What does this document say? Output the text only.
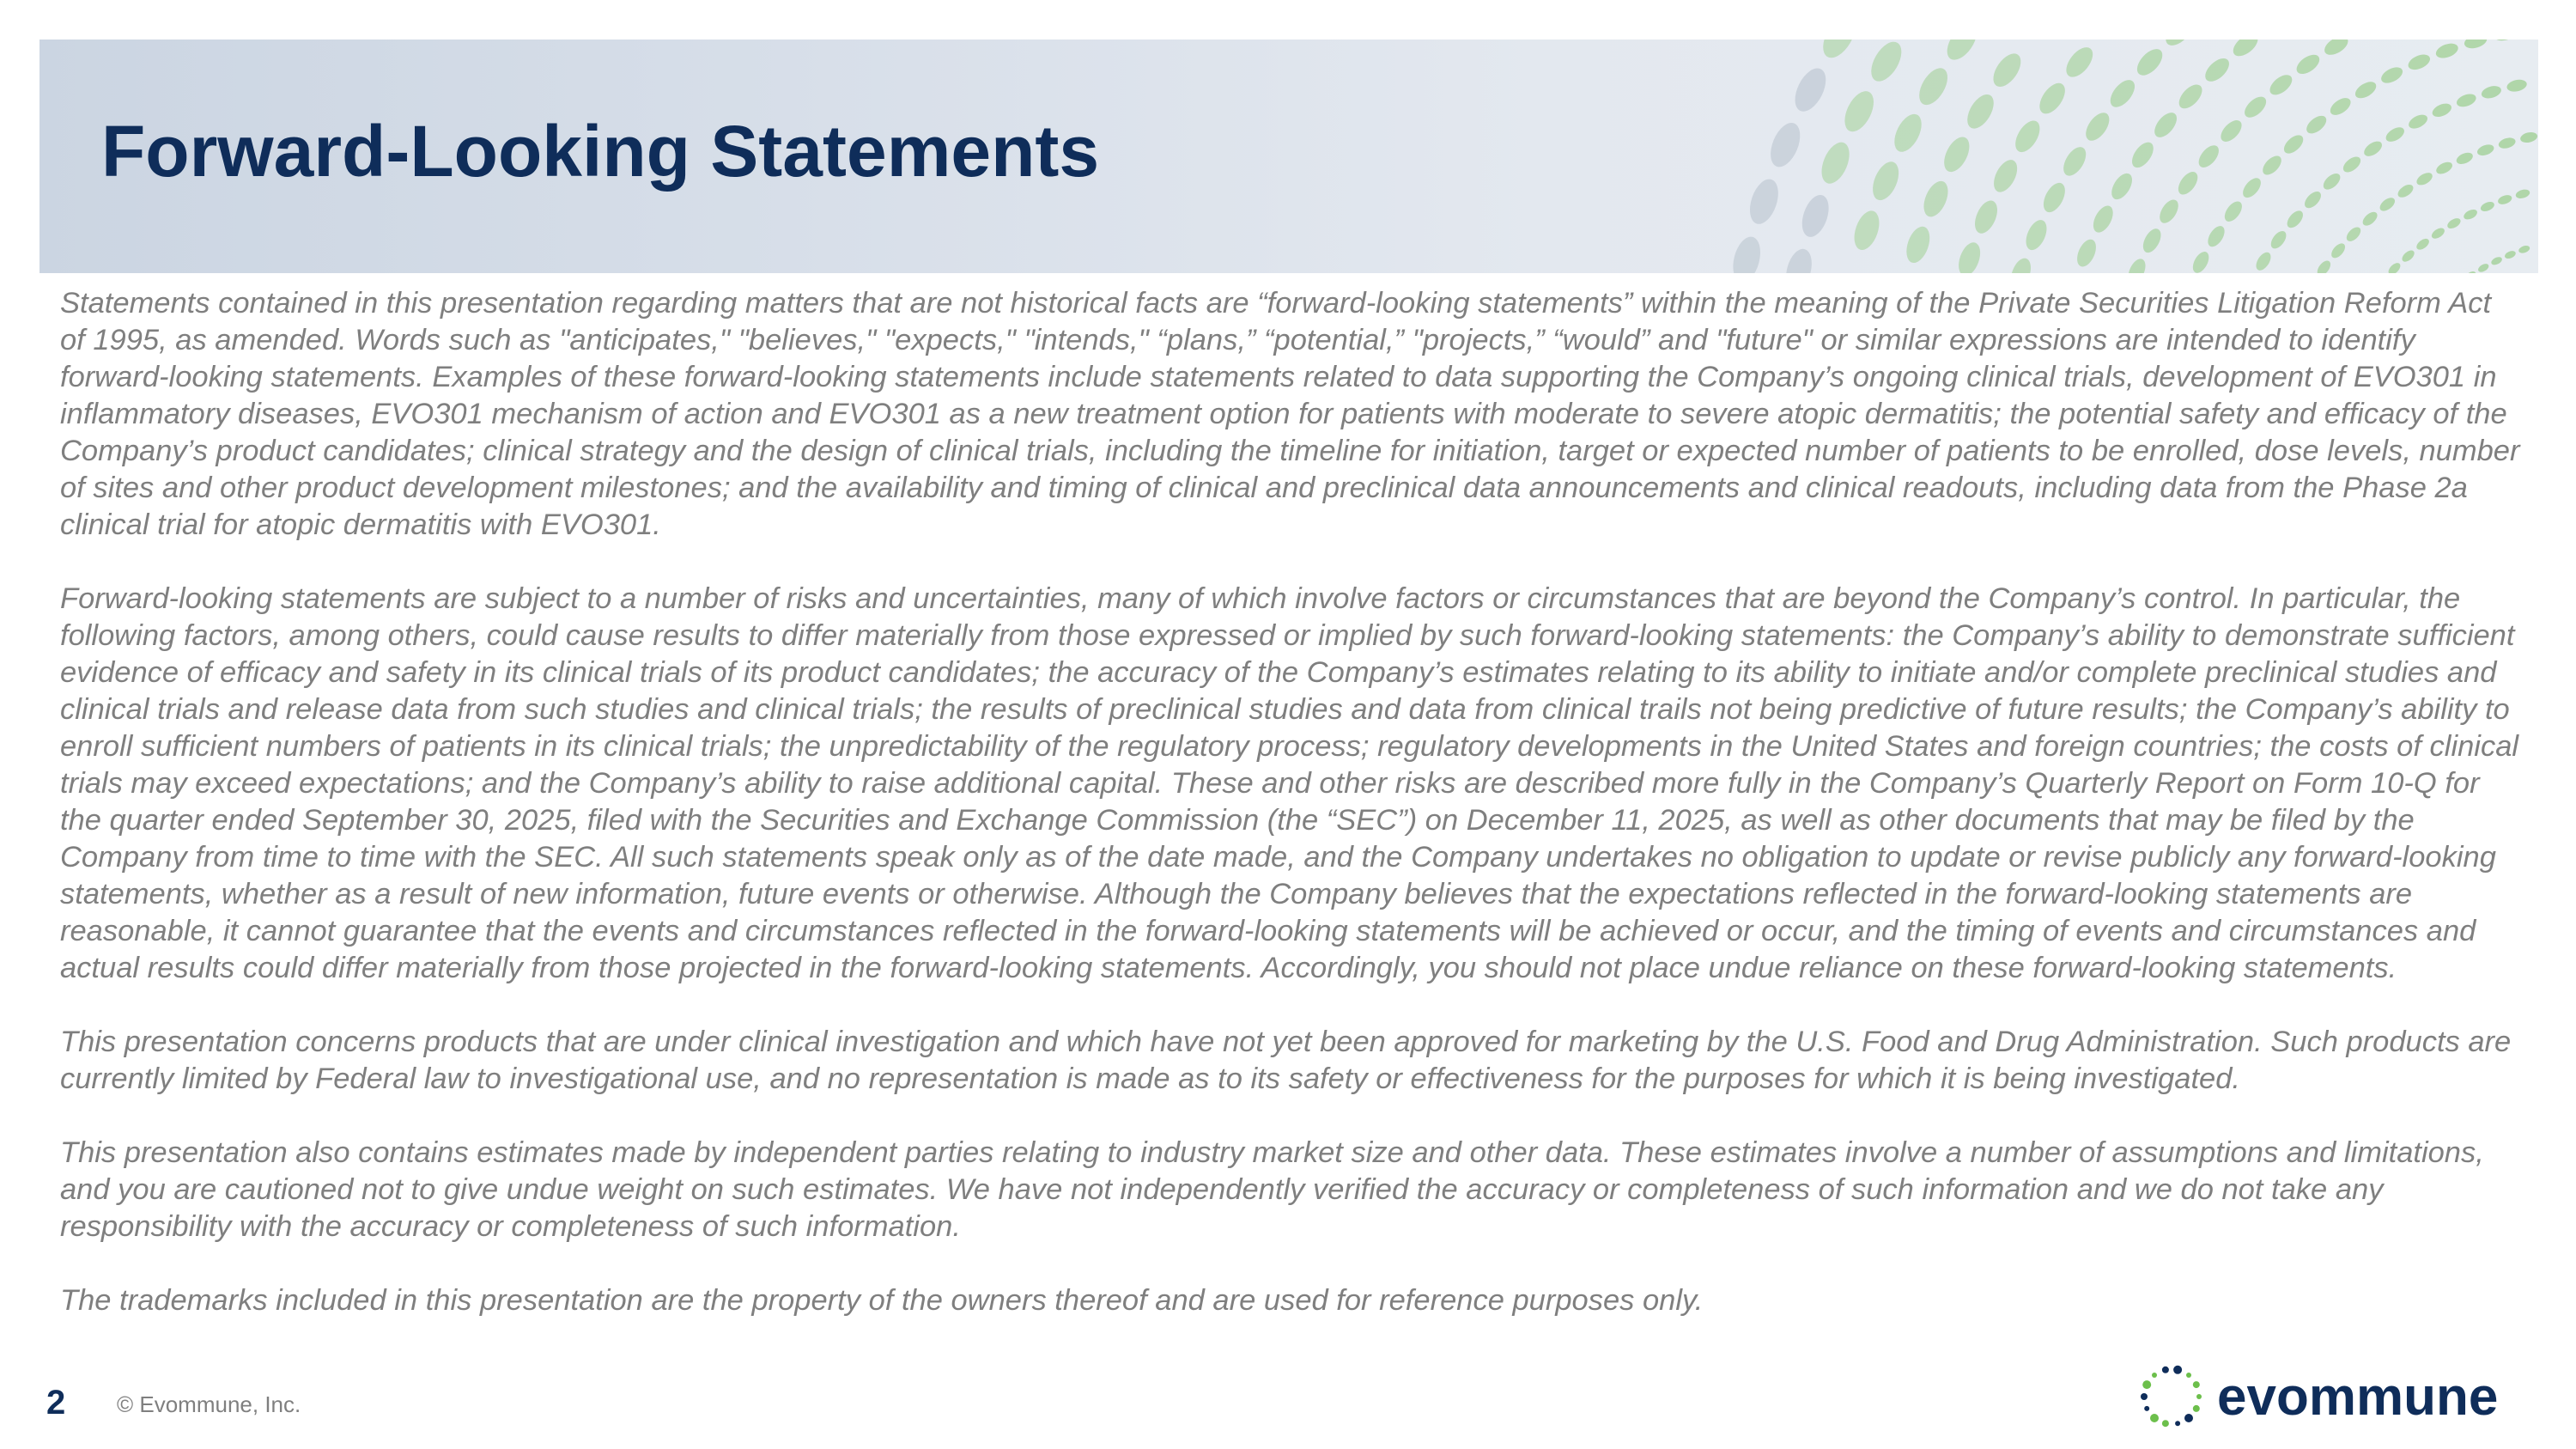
Forward-Looking Statements

Statements contained in this presentation regarding matters that are not historical facts are “forward-looking statements” within the meaning of the Private Securities Litigation Reform Act of 1995, as amended. Words such as "anticipates," "believes," "expects," "intends," “plans,” “potential,” "projects,” “would” and "future" or similar expressions are intended to identify forward-looking statements. Examples of these forward-looking statements include statements related to data supporting the Company’s ongoing clinical trials, development of EVO301 in inflammatory diseases, EVO301 mechanism of action and EVO301 as a new treatment option for patients with moderate to severe atopic dermatitis; the potential safety and efficacy of the Company’s product candidates; clinical strategy and the design of clinical trials, including the timeline for initiation, target or expected number of patients to be enrolled, dose levels, number of sites and other product development milestones; and the availability and timing of clinical and preclinical data announcements and clinical readouts, including data from the Phase 2a clinical trial for atopic dermatitis with EVO301.

Forward-looking statements are subject to a number of risks and uncertainties, many of which involve factors or circumstances that are beyond the Company’s control. In particular, the following factors, among others, could cause results to differ materially from those expressed or implied by such forward-looking statements: the Company’s ability to demonstrate sufficient evidence of efficacy and safety in its clinical trials of its product candidates; the accuracy of the Company’s estimates relating to its ability to initiate and/or complete preclinical studies and clinical trials and release data from such studies and clinical trials; the results of preclinical studies and data from clinical trails not being predictive of future results; the Company’s ability to enroll sufficient numbers of patients in its clinical trials; the unpredictability of the regulatory process; regulatory developments in the United States and foreign countries; the costs of clinical trials may exceed expectations; and the Company’s ability to raise additional capital. These and other risks are described more fully in the Company’s Quarterly Report on Form 10-Q for the quarter ended September 30, 2025, filed with the Securities and Exchange Commission (the “SEC”) on December 11, 2025, as well as other documents that may be filed by the Company from time to time with the SEC. All such statements speak only as of the date made, and the Company undertakes no obligation to update or revise publicly any forward-looking statements, whether as a result of new information, future events or otherwise. Although the Company believes that the expectations reflected in the forward-looking statements are reasonable, it cannot guarantee that the events and circumstances reflected in the forward-looking statements will be achieved or occur, and the timing of events and circumstances and actual results could differ materially from those projected in the forward-looking statements. Accordingly, you should not place undue reliance on these forward-looking statements.

This presentation concerns products that are under clinical investigation and which have not yet been approved for marketing by the U.S. Food and Drug Administration. Such products are currently limited by Federal law to investigational use, and no representation is made as to its safety or effectiveness for the purposes for which it is being investigated.

This presentation also contains estimates made by independent parties relating to industry market size and other data. These estimates involve a number of assumptions and limitations, and you are cautioned not to give undue weight on such estimates. We have not independently verified the accuracy or completeness of such information and we do not take any responsibility with the accuracy or completeness of such information.

The trademarks included in this presentation are the property of the owners thereof and are used for reference purposes only.

2 © Evommune, Inc.	evommune
